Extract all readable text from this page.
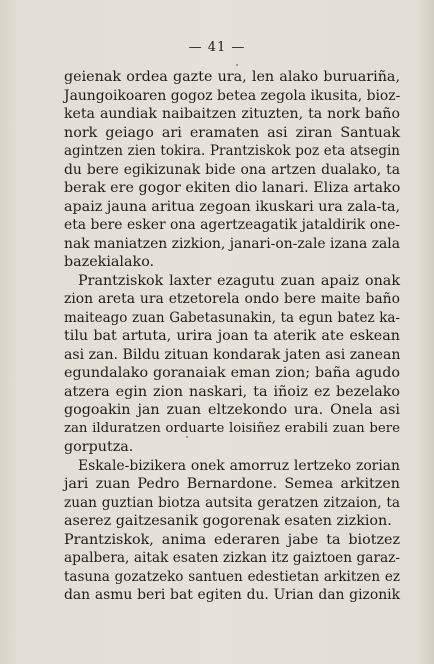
— 41 —
geienak ordea gazte ura, len alako buruariña,
Jaungoikoaren gogoz betea zegola ikusita, bioz-
keta aundiak naibaitzen zituzten, ta nork baño
nork geiago ari eramaten asi ziran Santuak
agintzen zien tokira. Prantziskok poz eta atsegin
du bere egikizunak bide ona artzen dualako, ta
berak ere gogor ekiten dio lanari. Eliza artako
apaiz jauna aritua zegoan ikuskari ura zala-ta,
eta bere esker ona agertzeagatik jataldirik one-
nak maniatzen zizkion, janari-on-zale izana zala
bazekialako.
Prantziskok laxter ezagutu zuan apaiz onak
zion areta ura etzetorela ondo bere maite baño
maiteago zuan Gabetasunakin, ta egun batez ka-
tilu bat artuta, urira joan ta aterik ate eskean
asi zan. Bildu zituan kondarak jaten asi zanean
egundalako goranaiak eman zion; baña agudo
atzera egin zion naskari, ta iñoiz ez bezelako
gogoakin jan zuan eltzekondo ura. Onela asi
zan ilduratzen orduarte loisiñez erabili zuan bere
gorputza.
Eskale-bizikera onek amorruz lertzeko zorian
jari zuan Pedro Bernardone. Semea arkitzen
zuan guztian biotza autsita geratzen zitzaion, ta
aserez gaitzesanik gogorenak esaten zizkion.
Prantziskok, anima ederaren jabe ta biotzez
apalbera, aitak esaten zizkan itz gaiztoen garaz-
tasuna gozatzeko santuen edestietan arkitzen ez
dan asmu beri bat egiten du. Urian dan gizonik
